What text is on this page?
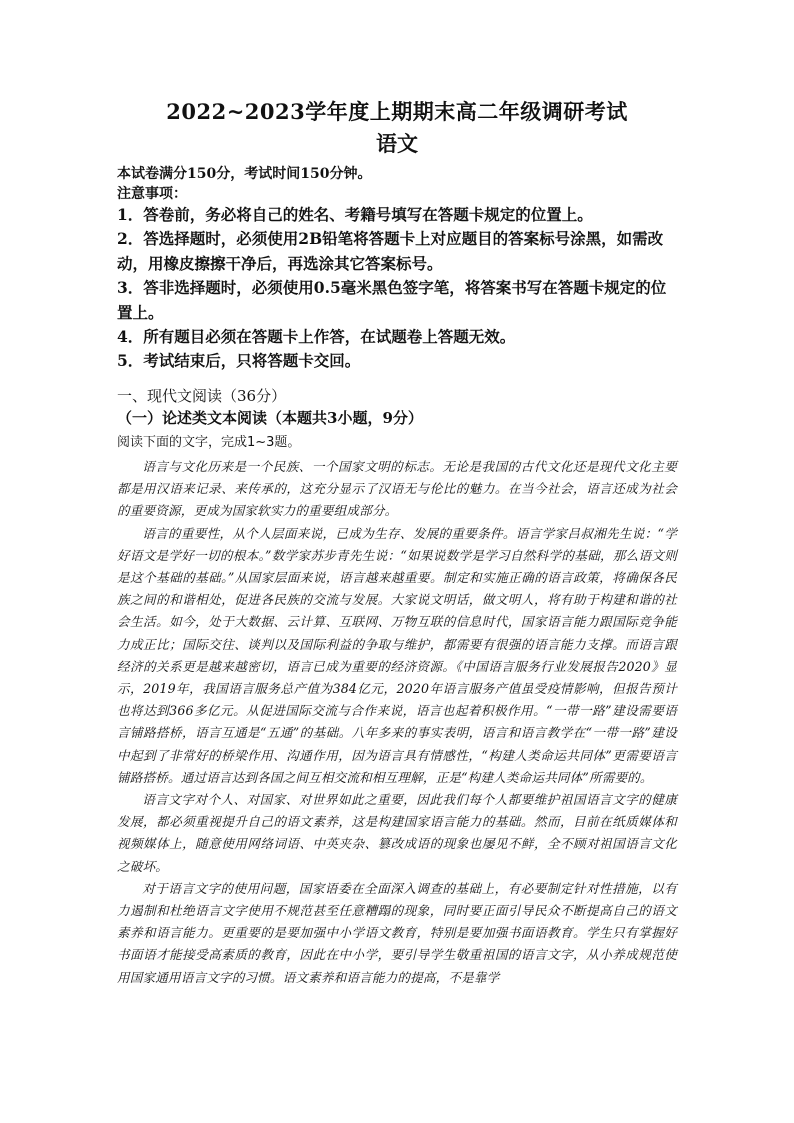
2022~2023学年度上期期末高二年级调研考试
语文

本试卷满分150分，考试时间150分钟。

注意事项：

1．答卷前，务必将自己的姓名、考籍号填写在答题卡规定的位置上。

2．答选择题时，必须使用2B铅笔将答题卡上对应题目的答案标号涂黑，如需改动，用橡皮擦擦干净后，再选涂其它答案标号。

3．答非选择题时，必须使用0.5毫米黑色签字笔，将答案书写在答题卡规定的位置上。

4．所有题目必须在答题卡上作答，在试题卷上答题无效。

5．考试结束后，只将答题卡交回。

一、现代文阅读（36分）
（一）论述类文本阅读（本题共3小题，9分）
阅读下面的文字，完成1~3题。

语言与文化历来是一个民族、一个国家文明的标志。无论是我国的古代文化还是现代文化主要都是用汉语来记录、来传承的，这充分显示了汉语无与伦比的魅力。在当今社会，语言还成为社会的重要资源，更成为国家软实力的重要组成部分。

语言的重要性，从个人层面来说，已成为生存、发展的重要条件。语言学家吕叔湘先生说：“学好语文是学好一切的根本。”数学家苏步青先生说：“如果说数学是学习自然科学的基础，那么语文则是这个基础的基础。”从国家层面来说，语言越来越重要。制定和实施正确的语言政策，将确保各民族之间的和谐相处，促进各民族的交流与发展。大家说文明话，做文明人，将有助于构建和谐的社会生活。如今，处于大数据、云计算、互联网、万物互联的信息时代，国家语言能力跟国际竞争能力成正比；国际交往、谈判以及国际利益的争取与维护，都需要有很强的语言能力支撑。而语言跟经济的关系更是越来越密切，语言已成为重要的经济资源。《中国语言服务行业发展报告2020》显示，2019年，我国语言服务总产值为384亿元，2020年语言服务产值虽受疫情影响，但报告预计也将达到366多亿元。从促进国际交流与合作来说，语言也起着积极作用。“一带一路”建设需要语言铺路搭桥，语言互通是“五通”的基础。八年多来的事实表明，语言和语言教学在“一带一路”建设中起到了非常好的桥梁作用、沟通作用，因为语言具有情感性，“构建人类命运共同体”更需要语言铺路搭桥。通过语言达到各国之间互相交流和相互理解，正是“构建人类命运共同体”所需要的。

语言文字对个人、对国家、对世界如此之重要，因此我们每个人都要维护祖国语言文字的健康发展，都必须重视提升自己的语文素养，这是构建国家语言能力的基础。然而，目前在纸质媒体和视频媒体上，随意使用网络词语、中英夹杂、篡改成语的现象也屡见不鲜，全不顾对祖国语言文化之破坏。

对于语言文字的使用问题，国家语委在全面深入调查的基础上，有必要制定针对性措施，以有力遏制和杜绝语言文字使用不规范甚至任意糟蹋的现象，同时要正面引导民众不断提高自己的语文素养和语言能力。更重要的是要加强中小学语文教育，特别是要加强书面语教育。学生只有掌握好书面语才能接受高素质的教育，因此在中小学，要引导学生敬重祖国的语言文字，从小养成规范使用国家通用语言文字的习惯。语文素养和语言能力的提高，不是靠学
